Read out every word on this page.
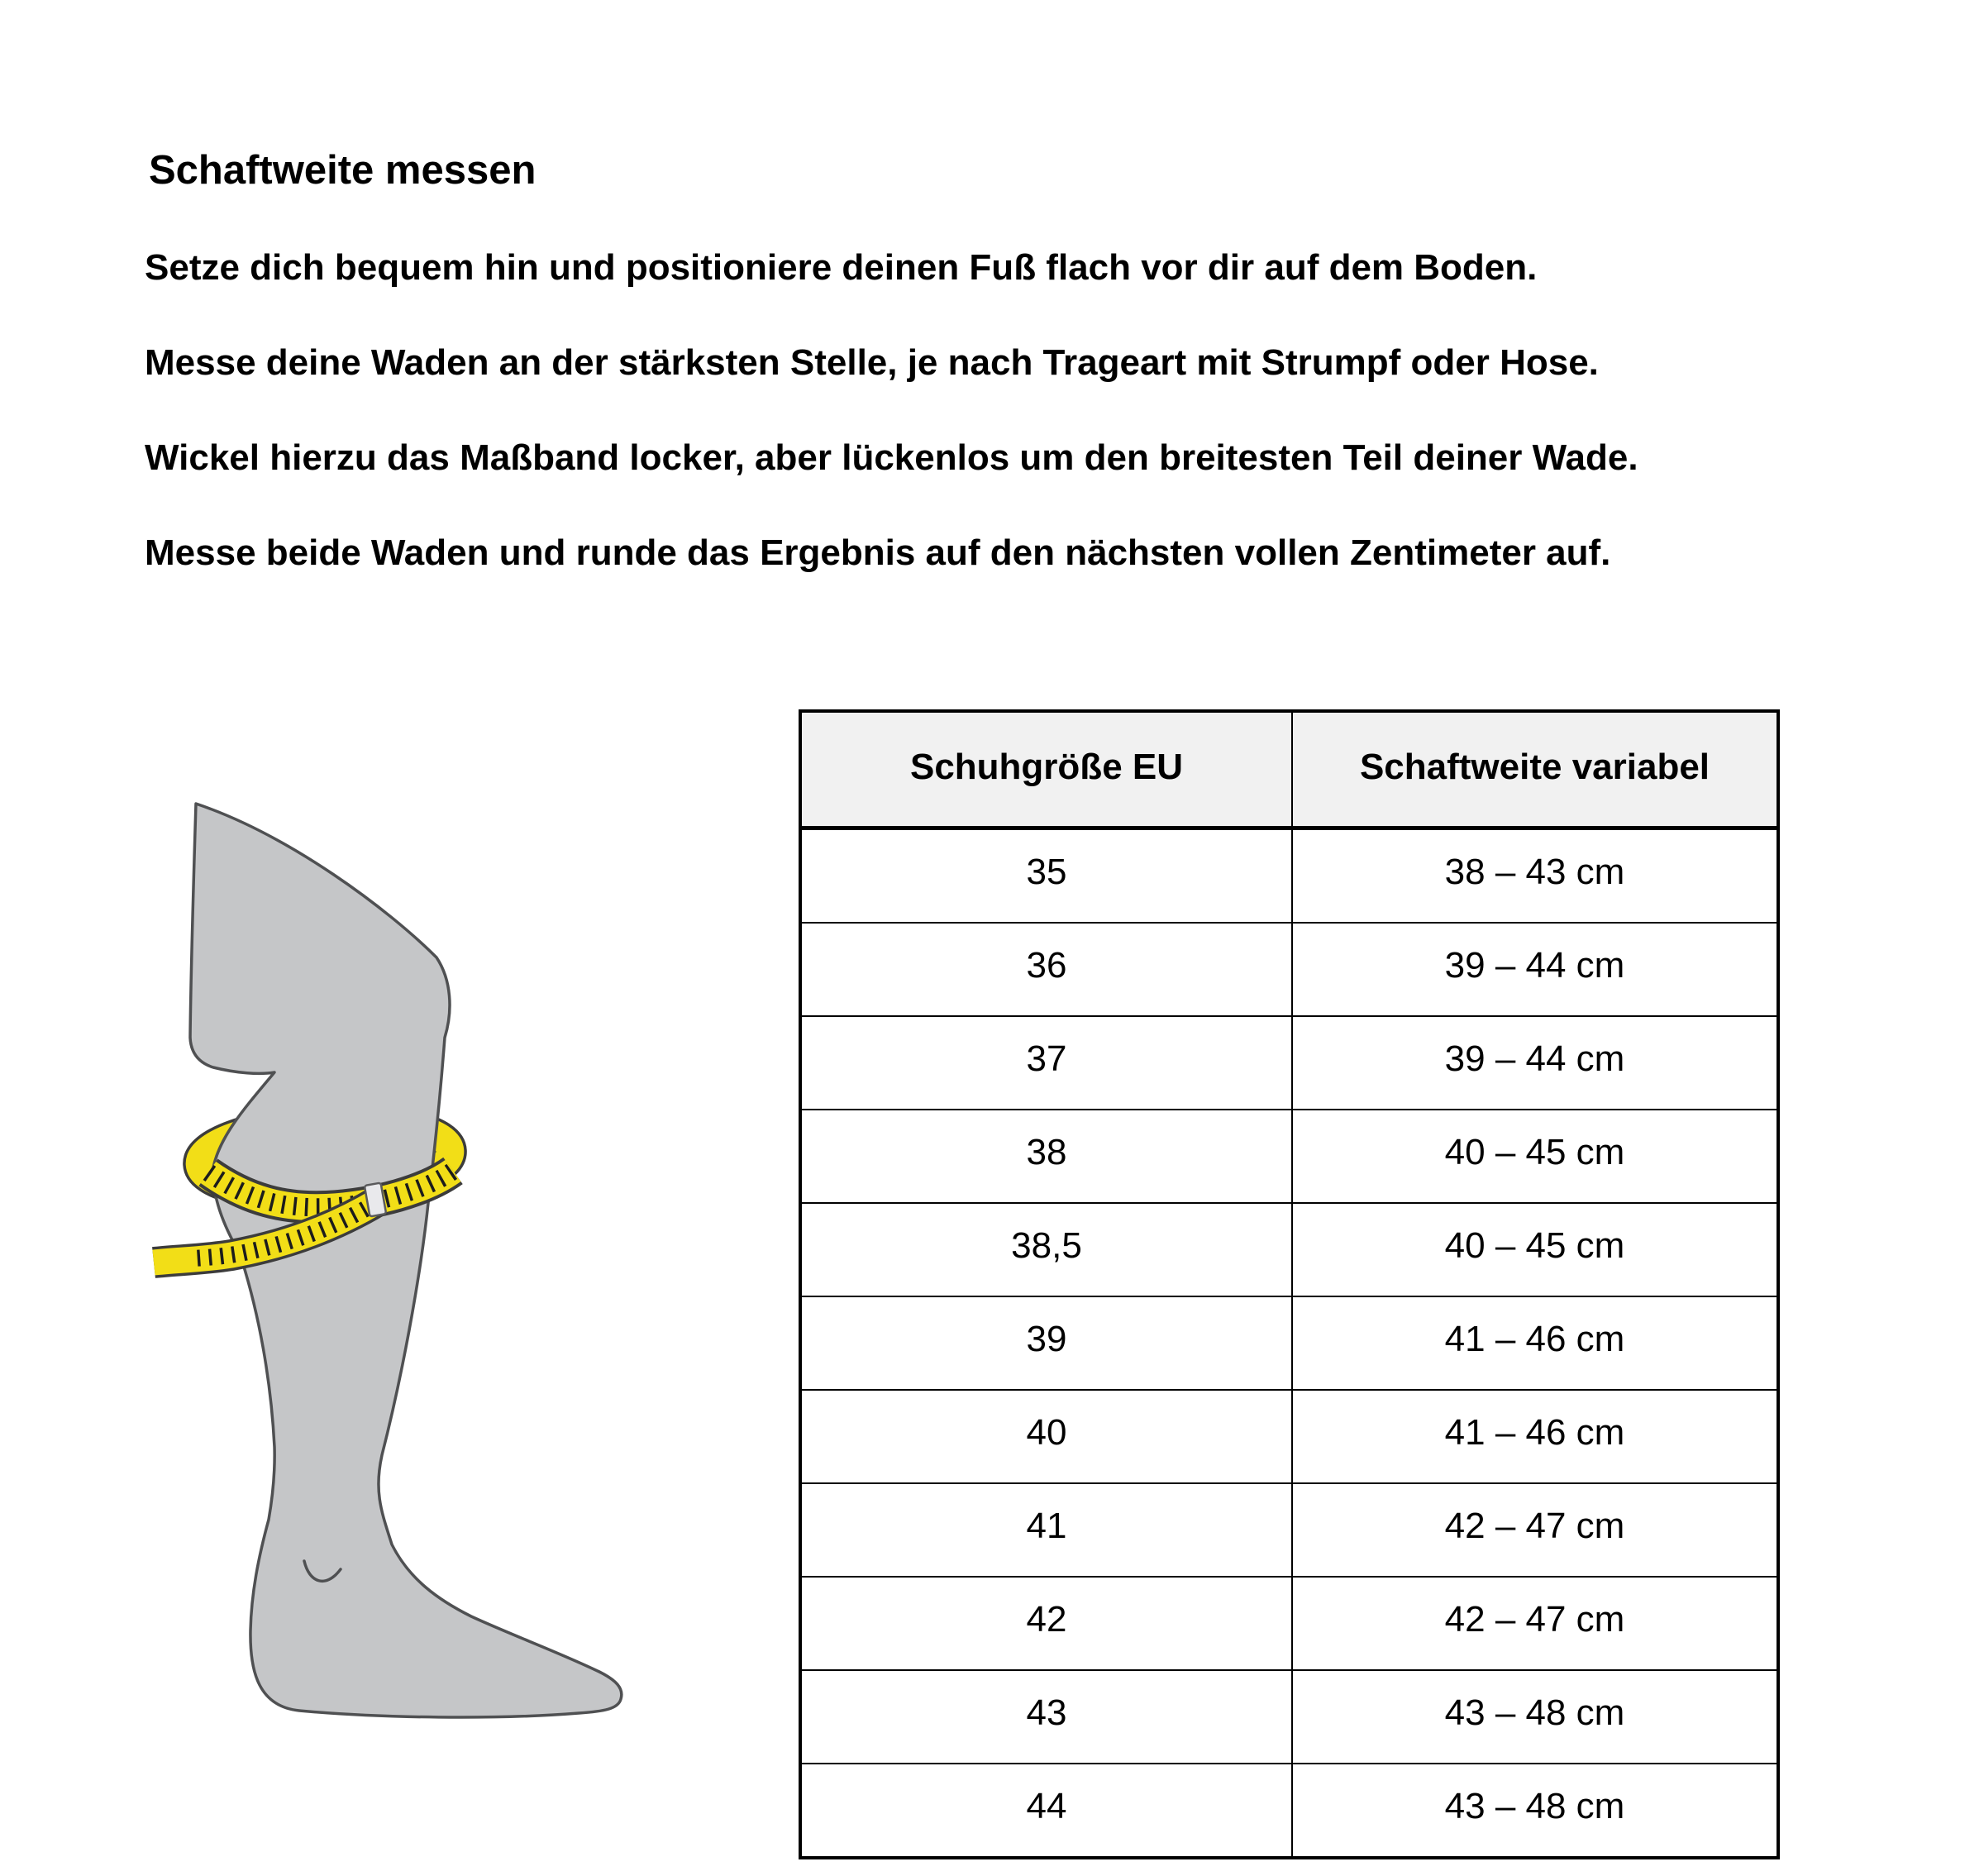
Schaftweite messen

Setze dich bequem hin und positioniere deinen Fuß flach vor dir auf dem Boden.

Messe deine Waden an der stärksten Stelle, je nach Trageart mit Strumpf oder Hose.

Wickel hierzu das Maßband locker, aber lückenlos um den breitesten Teil deiner Wade.

Messe beide Waden und runde das Ergebnis auf den nächsten vollen Zentimeter auf.

Schuhgröße EU	Schaftweite variabel
35	38 – 43 cm
36	39 – 44 cm
37	39 – 44 cm
38	40 – 45 cm
38,5	40 – 45 cm
39	41 – 46 cm
40	41 – 46 cm
41	42 – 47 cm
42	42 – 47 cm
43	43 – 48 cm
44	43 – 48 cm
